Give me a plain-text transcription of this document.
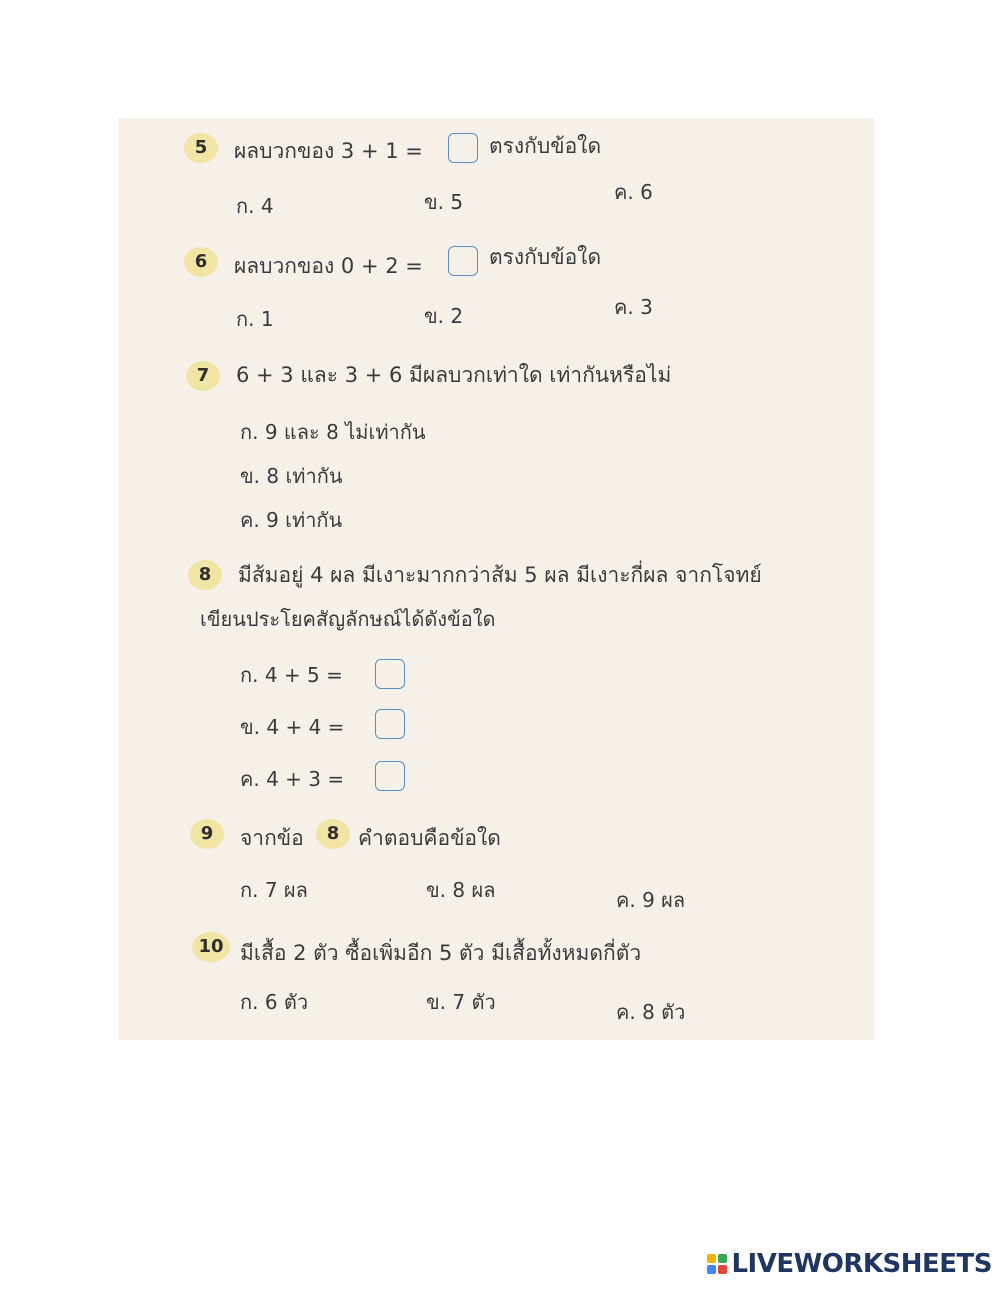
5	ผลบวกของ 3 + 1 =	ตรงกับข้อใด
ก. 4	ข. 5	ค. 6
6	ผลบวกของ 0 + 2 =	ตรงกับข้อใด
ก. 1	ข. 2	ค. 3
7	6 + 3 และ 3 + 6 มีผลบวกเท่าใด เท่ากันหรือไม่
ก. 9 และ 8 ไม่เท่ากัน
ข. 8 เท่ากัน
ค. 9 เท่ากัน
8	มีส้มอยู่ 4 ผล มีเงาะมากกว่าส้ม 5 ผล มีเงาะกี่ผล จากโจทย์
เขียนประโยคสัญลักษณ์ได้ดังข้อใด
ก. 4 + 5 =
ข. 4 + 4 =
ค. 4 + 3 =
9	จากข้อ	8 คำตอบคือข้อใด
ก. 7 ผล	ข. 8 ผล	ค. 9 ผล
10 มีเสื้อ 2 ตัว ซื้อเพิ่มอีก 5 ตัว มีเสื้อทั้งหมดกี่ตัว
ก. 6 ตัว	ข. 7 ตัว	ค. 8 ตัว
LIVEWORKSHEETS
